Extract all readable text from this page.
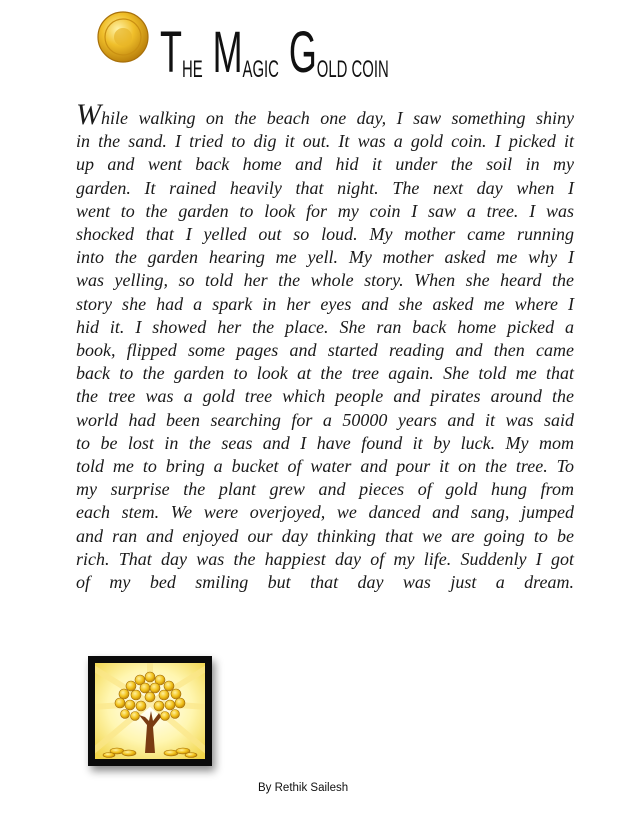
T HE M AGIC G OLD COIN
While walking on the beach one day, I saw something shiny
in the sand. I tried to dig it out. It was a gold coin. I picked it
up and went back home and hid it under the soil in my
garden. It rained heavily that night. The next day when I
went to the garden to look for my coin I saw a tree. I was
shocked that I yelled out so loud. My mother came running
into the garden hearing me yell. My mother asked me why I
was yelling, so told her the whole story. When she heard the
story she had a spark in her eyes and she asked me where I
hid it. I showed her the place. She ran back home picked a
book, flipped some pages and started reading and then came
back to the garden to look at the tree again. She told me that
the tree was a gold tree which people and pirates around the
world had been searching for a 50000 years and it was said
to be lost in the seas and I have found it by luck. My mom
told me to bring a bucket of water and pour it on the tree. To
my surprise the plant grew and pieces of gold hung from
each stem. We were overjoyed, we danced and sang, jumped
and ran and enjoyed our day thinking that we are going to be
rich. That day was the happiest day of my life. Suddenly I got
of my bed smiling but that day was just a dream.
By Rethik Sailesh
